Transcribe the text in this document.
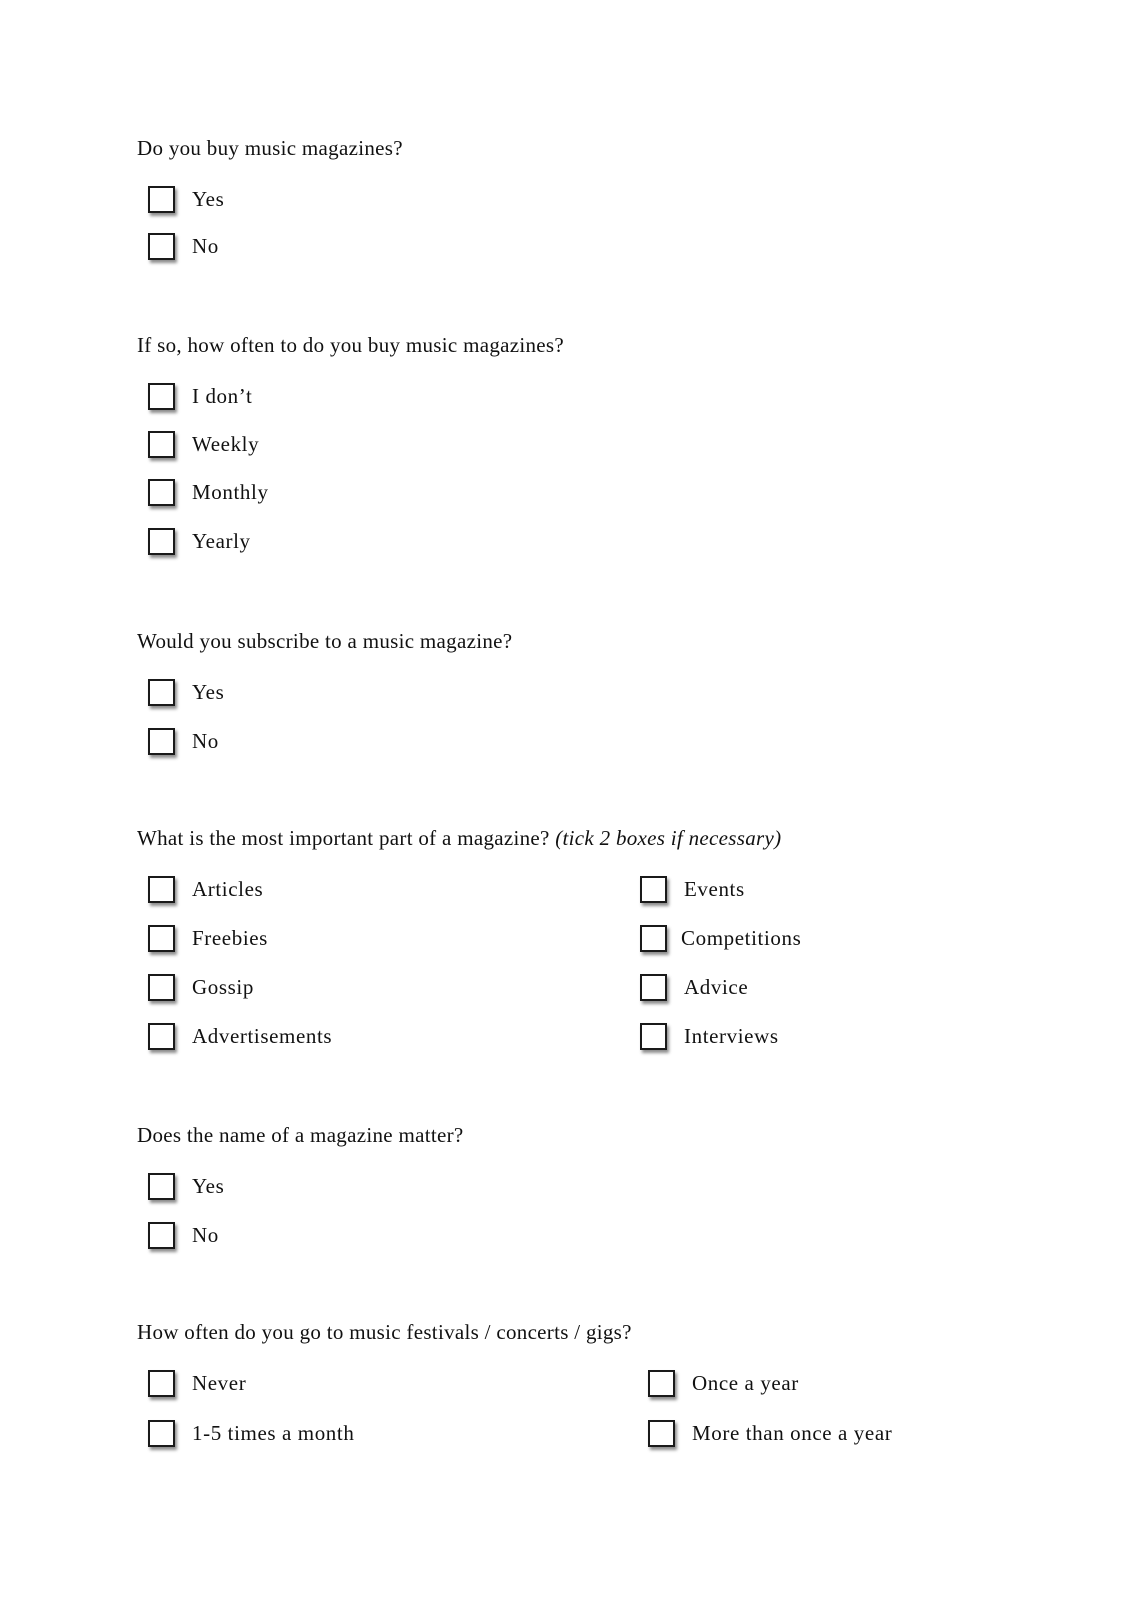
Do you buy music magazines?
Yes
No
If so, how often to do you buy music magazines?
I don’t
Weekly
Monthly
Yearly
Would you subscribe to a music magazine?
Yes
No
What is the most important part of a magazine? (tick 2 boxes if necessary)
Articles
Freebies
Gossip
Advertisements
Events
Competitions
Advice
Interviews
Does the name of a magazine matter?
Yes
No
How often do you go to music festivals / concerts / gigs?
Never
1-5 times a month
Once a year
More than once a year
